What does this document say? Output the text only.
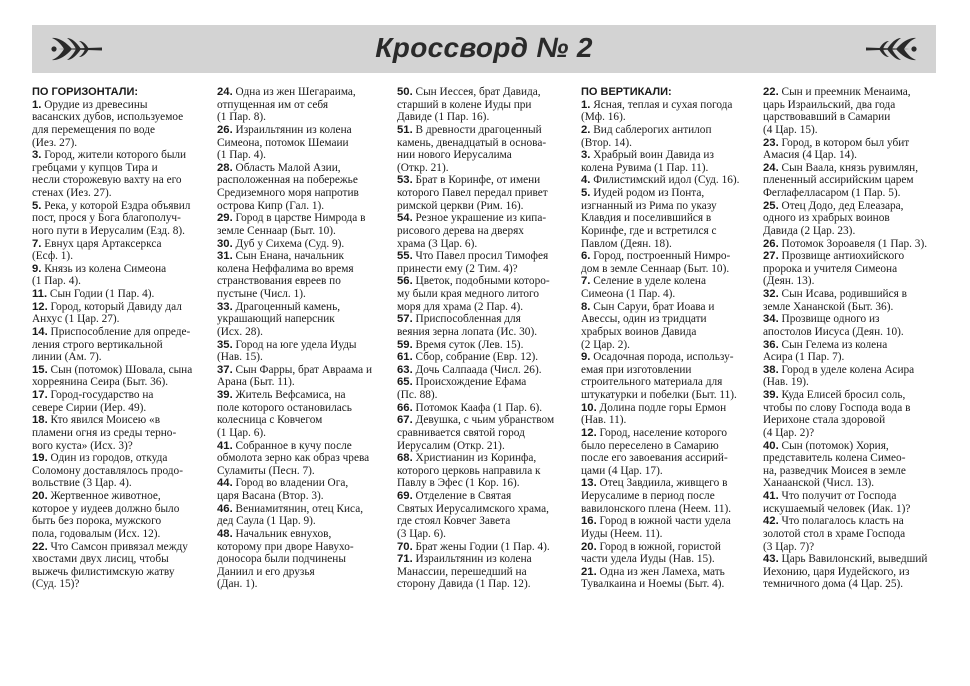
Кроссворд № 2

ПО ГОРИЗОНТАЛИ:

1. Орудие из древесины

васанских дубов, используемое

для перемещения по воде

(Иез. 27).

3. Город, жители которого были

гребцами у купцов Тира и

несли сторожевую вахту на его

стенах (Иез. 27).

5. Река, у которой Ездра объявил

пост, прося у Бога благополуч-

ного пути в Иерусалим (Езд. 8).

7. Евнух царя Артаксеркса

(Есф. 1).

9. Князь из колена Симеона

(1 Пар. 4).

11. Сын Годии (1 Пар. 4).

12. Город, который Давиду дал

Анхус (1 Цар. 27).

14. Приспособление для опреде-

ления строго вертикальной

линии (Ам. 7).

15. Сын (потомок) Шовала, сына

хорреянина Сеира (Быт. 36).

17. Город-государство на

севере Сирии (Иер. 49).

18. Кто явился Моисею «в

пламени огня из среды терно-

вого куста» (Исх. 3)?

19. Один из городов, откуда

Соломону доставлялось продо-

вольствие (3 Цар. 4).

20. Жертвенное животное,

которое у иудеев должно было

быть без порока, мужского

пола, годовалым (Исх. 12).

22. Что Самсон привязал между

хвостами двух лисиц, чтобы

выжечь филистимскую жатву

(Суд. 15)?

24. Одна из жен Шегараима,

отпущенная им от себя

(1 Пар. 8).

26. Израильтянин из колена

Симеона, потомок Шемаии

(1 Пар. 4).

28. Область Малой Азии,

расположенная на побережье

Средиземного моря напротив

острова Кипр (Гал. 1).

29. Город в царстве Нимрода в

земле Сеннаар (Быт. 10).

30. Дуб у Сихема (Суд. 9).

31. Сын Енана, начальник

колена Неффалима во время

странствования евреев по

пустыне (Числ. 1).

33. Драгоценный камень,

украшающий наперсник

(Исх. 28).

35. Город на юге удела Иуды

(Нав. 15).

37. Сын Фарры, брат Авраама и

Арана (Быт. 11).

39. Житель Вефсамиса, на

поле которого остановилась

колесница с Ковчегом

(1 Цар. 6).

41. Собранное в кучу после

обмолота зерно как образ чрева

Суламиты (Песн. 7).

44. Город во владении Ога,

царя Васана (Втор. 3).

46. Вениамитянин, отец Киса,

дед Саула (1 Цар. 9).

48. Начальник евнухов,

которому при дворе Навухо-

доносора были подчинены

Даниил и его друзья

(Дан. 1).

50. Сын Иессея, брат Давида,

старший в колене Иуды при

Давиде (1 Пар. 16).

51. В древности драгоценный

камень, двенадцатый в основа-

нии нового Иерусалима

(Откр. 21).

53. Брат в Коринфе, от имени

которого Павел передал привет

римской церкви (Рим. 16).

54. Резное украшение из кипа-

рисового дерева на дверях

храма (3 Цар. 6).

55. Что Павел просил Тимофея

принести ему (2 Тим. 4)?

56. Цветок, подобными которо-

му были края медного литого

моря для храма (2 Пар. 4).

57. Приспособленная для

веяния зерна лопата (Ис. 30).

59. Время суток (Лев. 15).

61. Сбор, собрание (Евр. 12).

63. Дочь Салпаада (Числ. 26).

65. Происхождение Ефама

(Пс. 88).

66. Потомок Каафа (1 Пар. 6).

67. Девушка, с чьим убранством

сравнивается святой город

Иерусалим (Откр. 21).

68. Христианин из Коринфа,

которого церковь направила к

Павлу в Эфес (1 Кор. 16).

69. Отделение в Святая

Святых Иерусалимского храма,

где стоял Ковчег Завета

(3 Цар. 6).

70. Брат жены Годии (1 Пар. 4).

71. Израильтянин из колена

Манассии, перешедший на

сторону Давида (1 Пар. 12).

ПО ВЕРТИКАЛИ:

1. Ясная, теплая и сухая погода

(Мф. 16).

2. Вид саблерогих антилоп

(Втор. 14).

3. Храбрый воин Давида из

колена Рувима (1 Пар. 11).

4. Филистимский идол (Суд. 16).

5. Иудей родом из Понта,

изгнанный из Рима по указу

Клавдия и поселившийся в

Коринфе, где и встретился с

Павлом (Деян. 18).

6. Город, построенный Нимро-

дом в земле Сеннаар (Быт. 10).

7. Селение в уделе колена

Симеона (1 Пар. 4).

8. Сын Саруи, брат Иоава и

Авессы, один из тридцати

храбрых воинов Давида

(2 Цар. 2).

9. Осадочная порода, использу-

емая при изготовлении

строительного материала для

штукатурки и побелки (Быт. 11).

10. Долина подле горы Ермон

(Нав. 11).

12. Город, население которого

было переселено в Самарию

после его завоевания ассирий-

цами (4 Цар. 17).

13. Отец Завдиила, живщего в

Иерусалиме в период после

вавилонского плена (Неем. 11).

16. Город в южной части удела

Иуды (Неем. 11).

20. Город в южной, гористой

части удела Иуды (Нав. 15).

21. Одна из жен Ламеха, мать

Тувалкаина и Ноемы (Быт. 4).

22. Сын и преемник Менаима,

царь Израильский, два года

царствовавший в Самарии

(4 Цар. 15).

23. Город, в котором был убит

Амасия (4 Цар. 14).

24. Сын Ваала, князь рувимлян,

плененный ассирийским царем

Феглафелласаром (1 Пар. 5).

25. Отец Додо, дед Елеазара,

одного из храбрых воинов

Давида (2 Цар. 23).

26. Потомок Зороавеля (1 Пар. 3).

27. Прозвище антиохийского

пророка и учителя Симеона

(Деян. 13).

32. Сын Исава, родившийся в

земле Хананской (Быт. 36).

34. Прозвище одного из

апостолов Иисуса (Деян. 10).

36. Сын Гелема из колена

Асира (1 Пар. 7).

38. Город в уделе колена Асира

(Нав. 19).

39. Куда Елисей бросил соль,

чтобы по слову Господа вода в

Иерихоне стала здоровой

(4 Цар. 2)?

40. Сын (потомок) Хория,

представитель колена Симео-

на, разведчик Моисея в земле

Ханаанской (Числ. 13).

41. Что получит от Господа

искушаемый человек (Иак. 1)?

42. Что полагалось класть на

золотой стол в храме Господа

(3 Цар. 7)?

43. Царь Вавилонский, выведший

Иехонию, царя Иудейского, из

темничного дома (4 Цар. 25).
